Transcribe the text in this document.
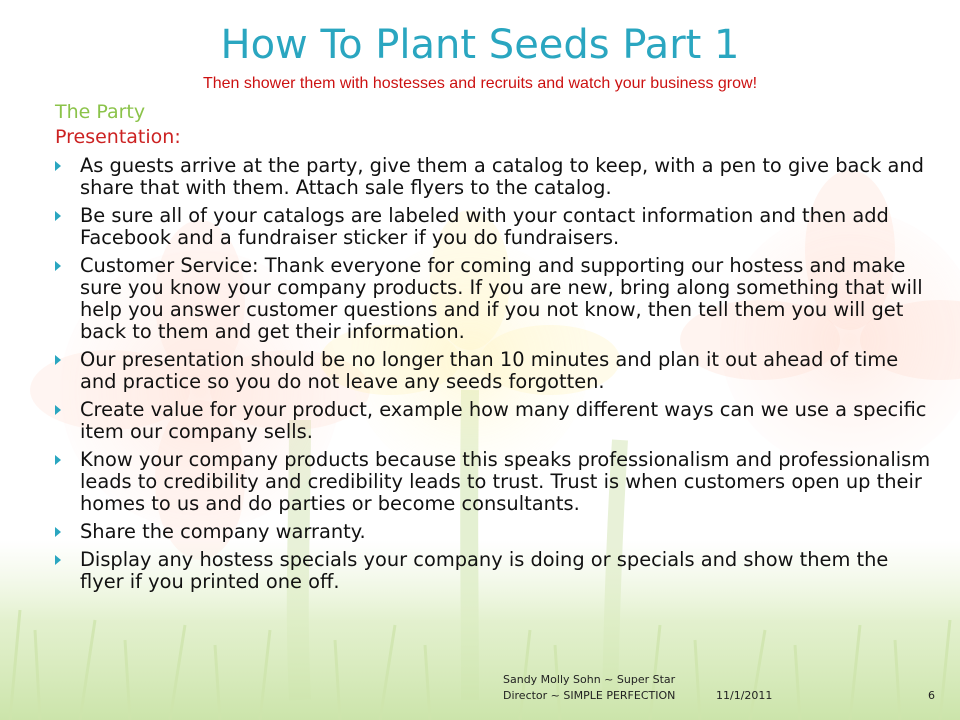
How To Plant Seeds Part 1
Then shower them with hostesses and recruits and watch your business grow!
The Party
Presentation:
As guests arrive at the party, give them a catalog to keep, with a pen to give back and share that with them. Attach sale flyers to the catalog.
Be sure all of your catalogs are labeled with your contact information and then add Facebook and a fundraiser sticker if you do fundraisers.
Customer Service: Thank everyone for coming and supporting our hostess and make sure you know your company products. If you are new, bring along something that will help you answer customer questions and if you not know, then tell them you will get back to them and get their information.
Our presentation should be no longer than 10 minutes and plan it out ahead of time and practice so you do not leave any seeds forgotten.
Create value for your product, example how many different ways can we use a specific item our company sells.
Know your company products because this speaks professionalism and professionalism leads to credibility and credibility leads to trust. Trust is when customers open up their homes to us and do parties or become consultants.
Share the company warranty.
Display any hostess specials your company is doing or specials and show them the flyer if you printed one off.
Sandy Molly Sohn ~ Super Star
Director ~ SIMPLE PERFECTION	11/1/2011	6
